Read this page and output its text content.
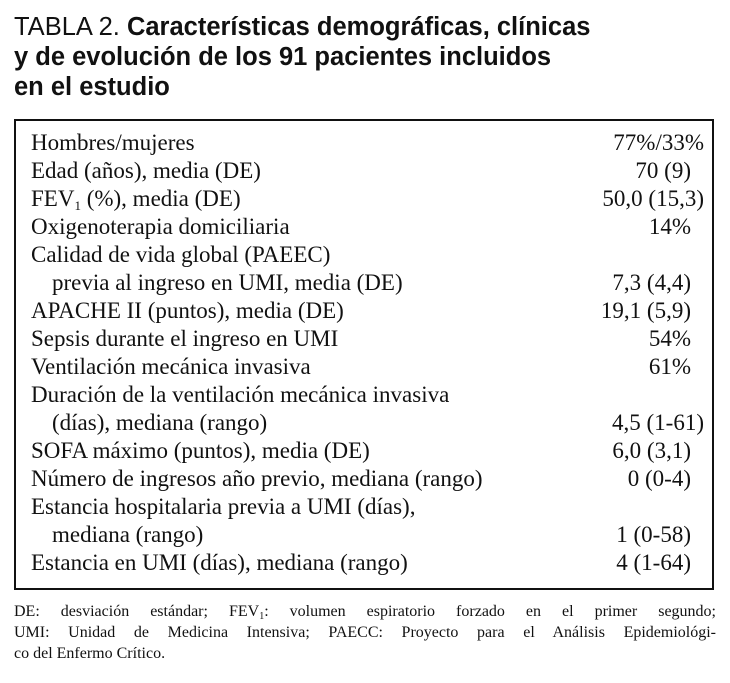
TABLA 2. Características demográficas, clínicas
y de evolución de los 91 pacientes incluidos
en el estudio
Hombres/mujeres	77%/33%
Edad (años), media (DE)	70 (9)
$FEV_1$ (%), media (DE)	50,0 (15,3)
Oxigenoterapia domiciliaria	14%
Calidad de vida global (PAEEC)
previa al ingreso en UMI, media (DE)	7,3 (4,4)
APACHE II (puntos), media (DE)	19,1 (5,9)
Sepsis durante el ingreso en UMI	54%
Ventilación mecánica invasiva	61%
Duración de la ventilación mecánica invasiva
(días), mediana (rango)	4,5 (1-61)
SOFA máximo (puntos), media (DE)	6,0 (3,1)
Número de ingresos año previo, mediana (rango)	0 (0-4)
Estancia hospitalaria previa a UMI (días),
mediana (rango)	1 (0-58)
Estancia en UMI (días), mediana (rango)	4 (1-64)
DE: desviación estándar; $FEV_1$: volumen espiratorio forzado en el primer segundo;
UMI: Unidad de Medicina Intensiva; PAECC: Proyecto para el Análisis Epidemiológi-
co del Enfermo Crítico.
